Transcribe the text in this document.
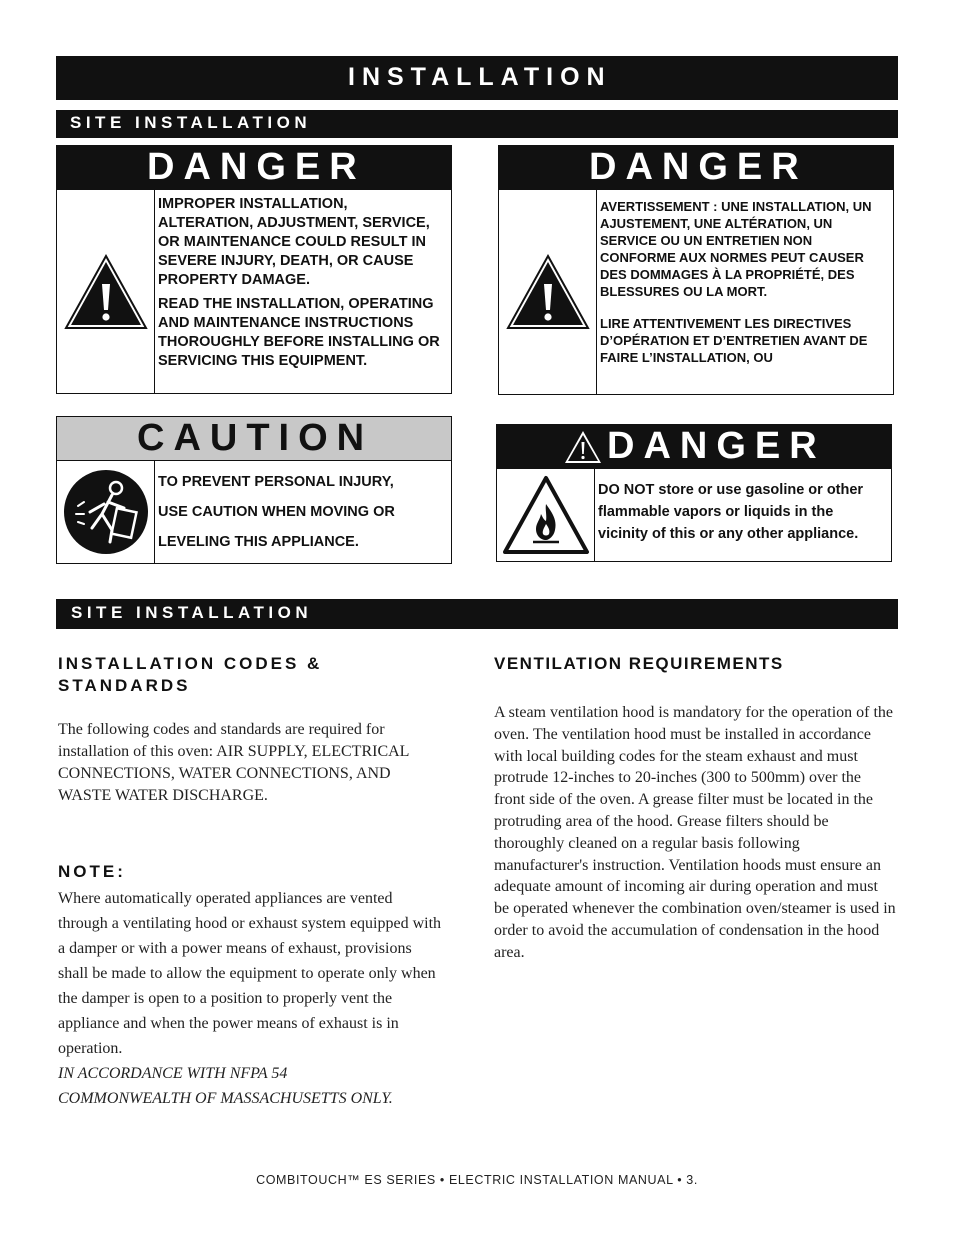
INSTALLATION
SITE INSTALLATION
DANGER

IMPROPER INSTALLATION, ALTERATION, ADJUSTMENT, SERVICE, OR MAINTENANCE COULD RESULT IN SEVERE INJURY, DEATH, OR CAUSE PROPERTY DAMAGE.

READ THE INSTALLATION, OPERATING AND MAINTENANCE INSTRUCTIONS THOROUGHLY BEFORE INSTALLING OR SERVICING THIS EQUIPMENT.

DANGER

AVERTISSEMENT : UNE INSTALLATION, UN AJUSTEMENT, UNE ALTÉRATION, UN SERVICE OU UN ENTRETIEN NON CONFORME AUX NORMES PEUT CAUSER DES DOMMAGES À LA PROPRIÉTÉ, DES BLESSURES OU LA MORT.

LIRE ATTENTIVEMENT LES DIRECTIVES D’OPÉRATION ET D’ENTRETIEN AVANT DE FAIRE L’INSTALLATION, OU

CAUTION

TO PREVENT PERSONAL INJURY,

USE CAUTION WHEN MOVING OR

LEVELING THIS APPLIANCE.

DANGER

DO NOT store or use gasoline or other

flammable vapors or liquids in the

vicinity of this or any other appliance.

SITE INSTALLATION
INSTALLATION CODES & STANDARDS

The following codes and standards are required for installation of this oven: AIR SUPPLY, ELECTRICAL CONNECTIONS, WATER CONNECTIONS, AND WASTE WATER DISCHARGE.

NOTE:

Where automatically operated appliances are vented through a ventilating hood or exhaust system equipped with a damper or with a power means of exhaust, provisions shall be made to allow the equipment to operate only when the damper is open to a position to properly vent the appliance and when the power means of exhaust is in operation.

IN ACCORDANCE WITH NFPA 54

COMMONWEALTH OF MASSACHUSETTS ONLY.

VENTILATION REQUIREMENTS

A steam ventilation hood is mandatory for the operation of the oven. The ventilation hood must be installed in accordance with local building codes for the steam exhaust and must protrude 12-inches to 20-inches (300 to 500mm) over the front side of the oven. A grease filter must be located in the protruding area of the hood. Grease filters should be thoroughly cleaned on a regular basis following manufacturer's instruction. Ventilation hoods must ensure an adequate amount of incoming air during operation and must be operated whenever the combination oven/steamer is used in order to avoid the accumulation of condensation in the hood area.

COMBITOUCH™ ES SERIES • ELECTRIC INSTALLATION MANUAL • 3.
